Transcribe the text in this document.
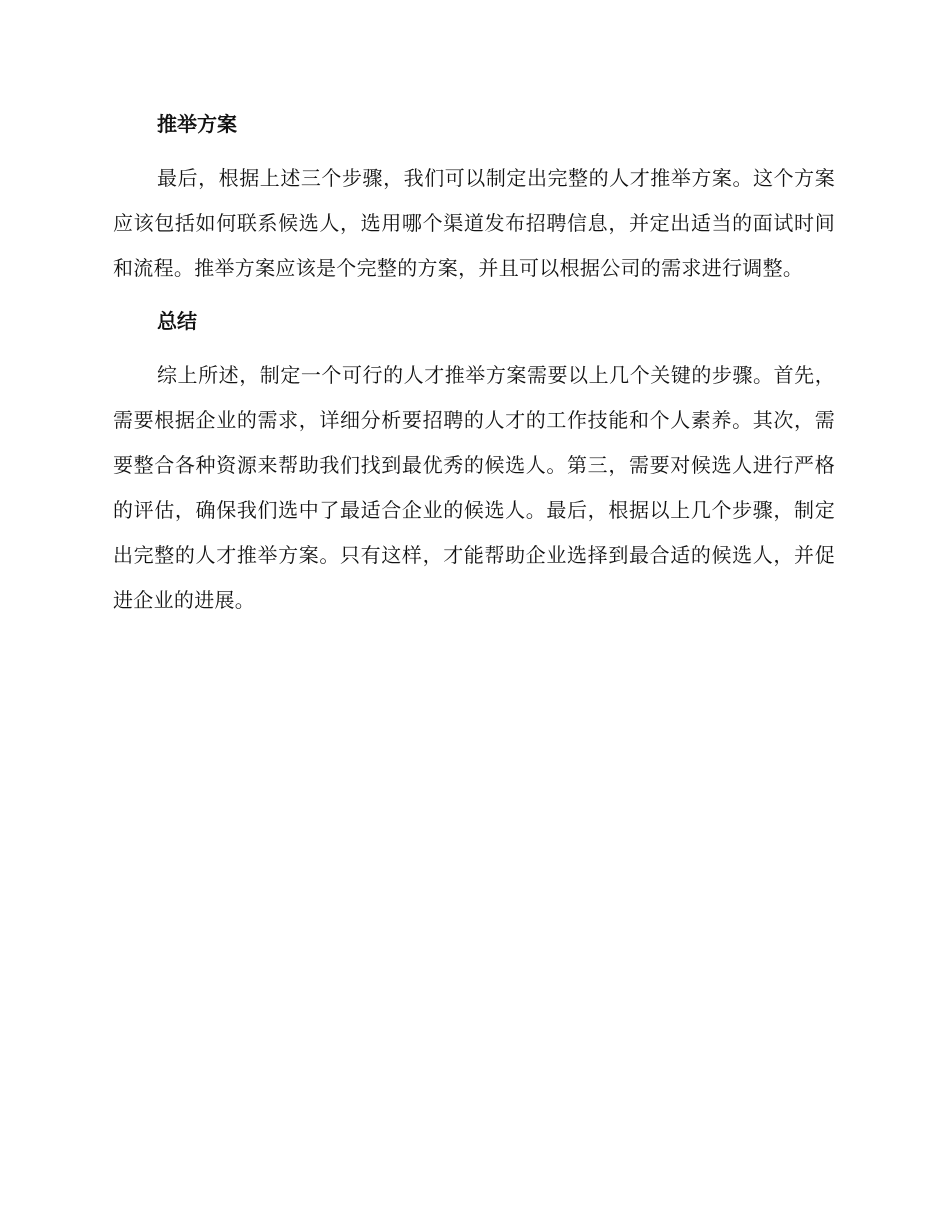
推举方案

最后，根据上述三个步骤，我们可以制定出完整的人才推举方案。这个方案应该包括如何联系候选人，选用哪个渠道发布招聘信息，并定出适当的面试时间和流程。推举方案应该是个完整的方案，并且可以根据公司的需求进行调整。

总结

综上所述，制定一个可行的人才推举方案需要以上几个关键的步骤。首先，需要根据企业的需求，详细分析要招聘的人才的工作技能和个人素养。其次，需要整合各种资源来帮助我们找到最优秀的候选人。第三，需要对候选人进行严格的评估，确保我们选中了最适合企业的候选人。最后，根据以上几个步骤，制定出完整的人才推举方案。只有这样，才能帮助企业选择到最合适的候选人，并促进企业的进展。
